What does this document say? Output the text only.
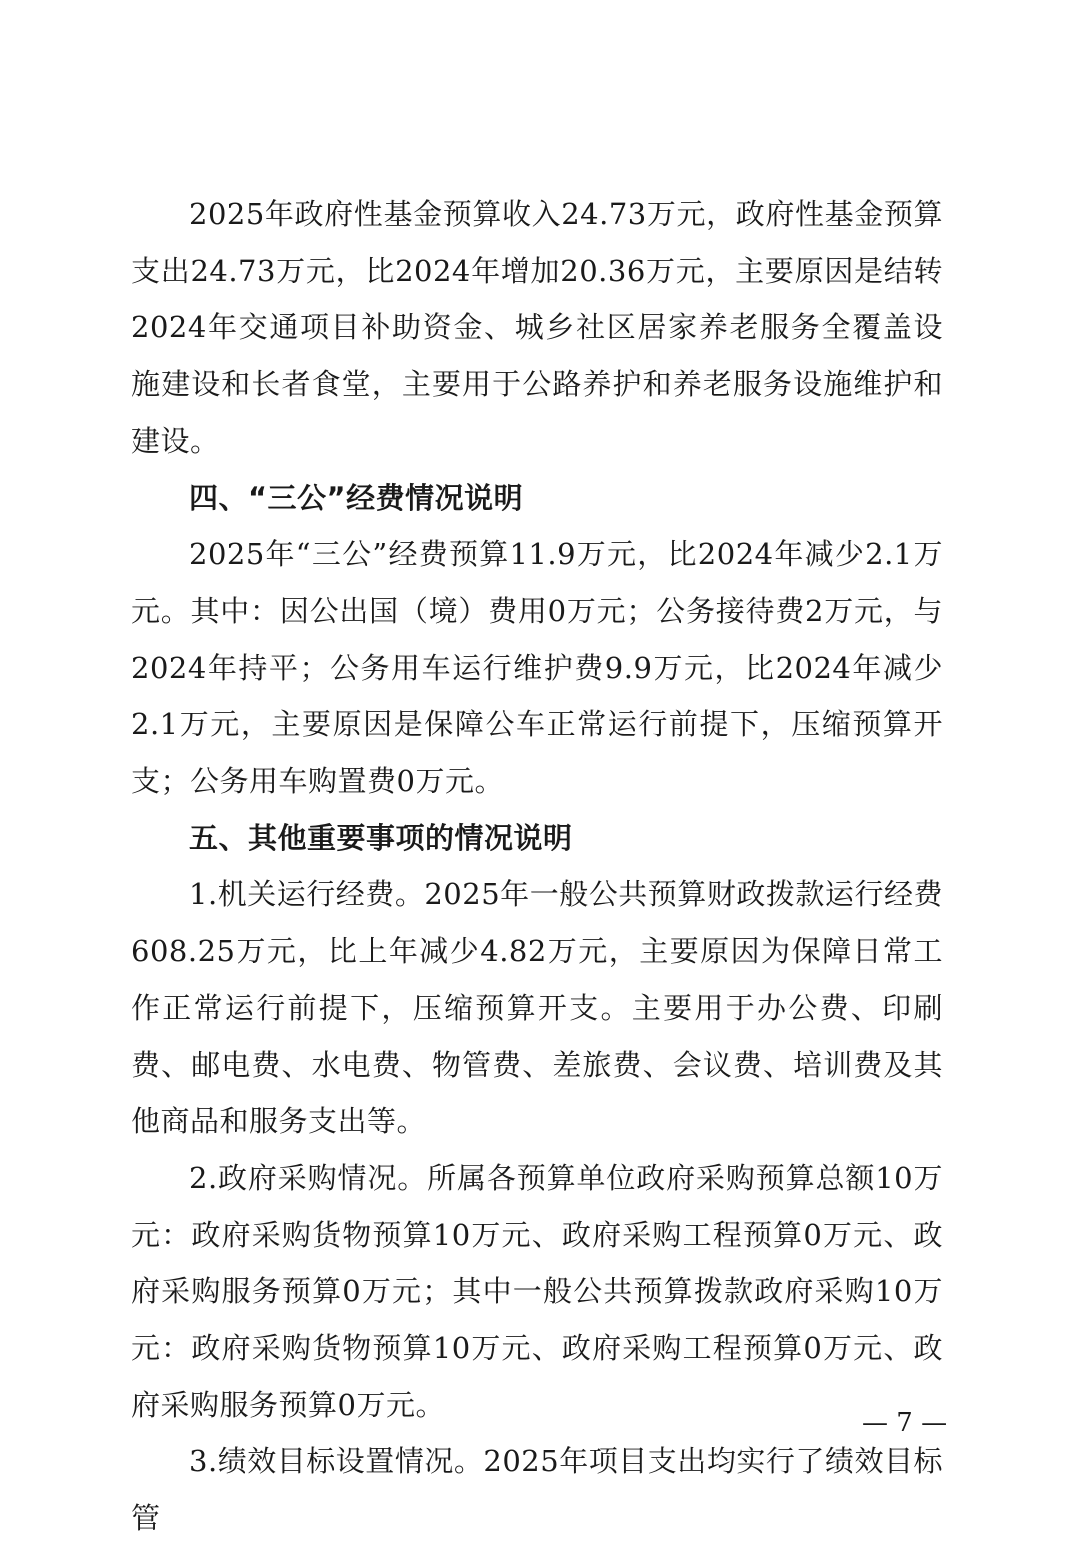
2025年政府性基金预算收入24.73万元，政府性基金预算支出24.73万元，比2024年增加20.36万元，主要原因是结转2024年交通项目补助资金、城乡社区居家养老服务全覆盖设施建设和长者食堂，主要用于公路养护和养老服务设施维护和建设。

四、“三公”经费情况说明

2025年“三公”经费预算11.9万元，比2024年减少2.1万元。其中：因公出国（境）费用0万元；公务接待费2万元，与2024年持平；公务用车运行维护费9.9万元，比2024年减少2.1万元，主要原因是保障公车正常运行前提下，压缩预算开支；公务用车购置费0万元。

五、其他重要事项的情况说明

1.机关运行经费。2025年一般公共预算财政拨款运行经费608.25万元，比上年减少4.82万元，主要原因为保障日常工作正常运行前提下，压缩预算开支。主要用于办公费、印刷费、邮电费、水电费、物管费、差旅费、会议费、培训费及其他商品和服务支出等。

2.政府采购情况。所属各预算单位政府采购预算总额10万元：政府采购货物预算10万元、政府采购工程预算0万元、政府采购服务预算0万元；其中一般公共预算拨款政府采购10万元：政府采购货物预算10万元、政府采购工程预算0万元、政府采购服务预算0万元。

3.绩效目标设置情况。2025年项目支出均实行了绩效目标管

— 7 —
